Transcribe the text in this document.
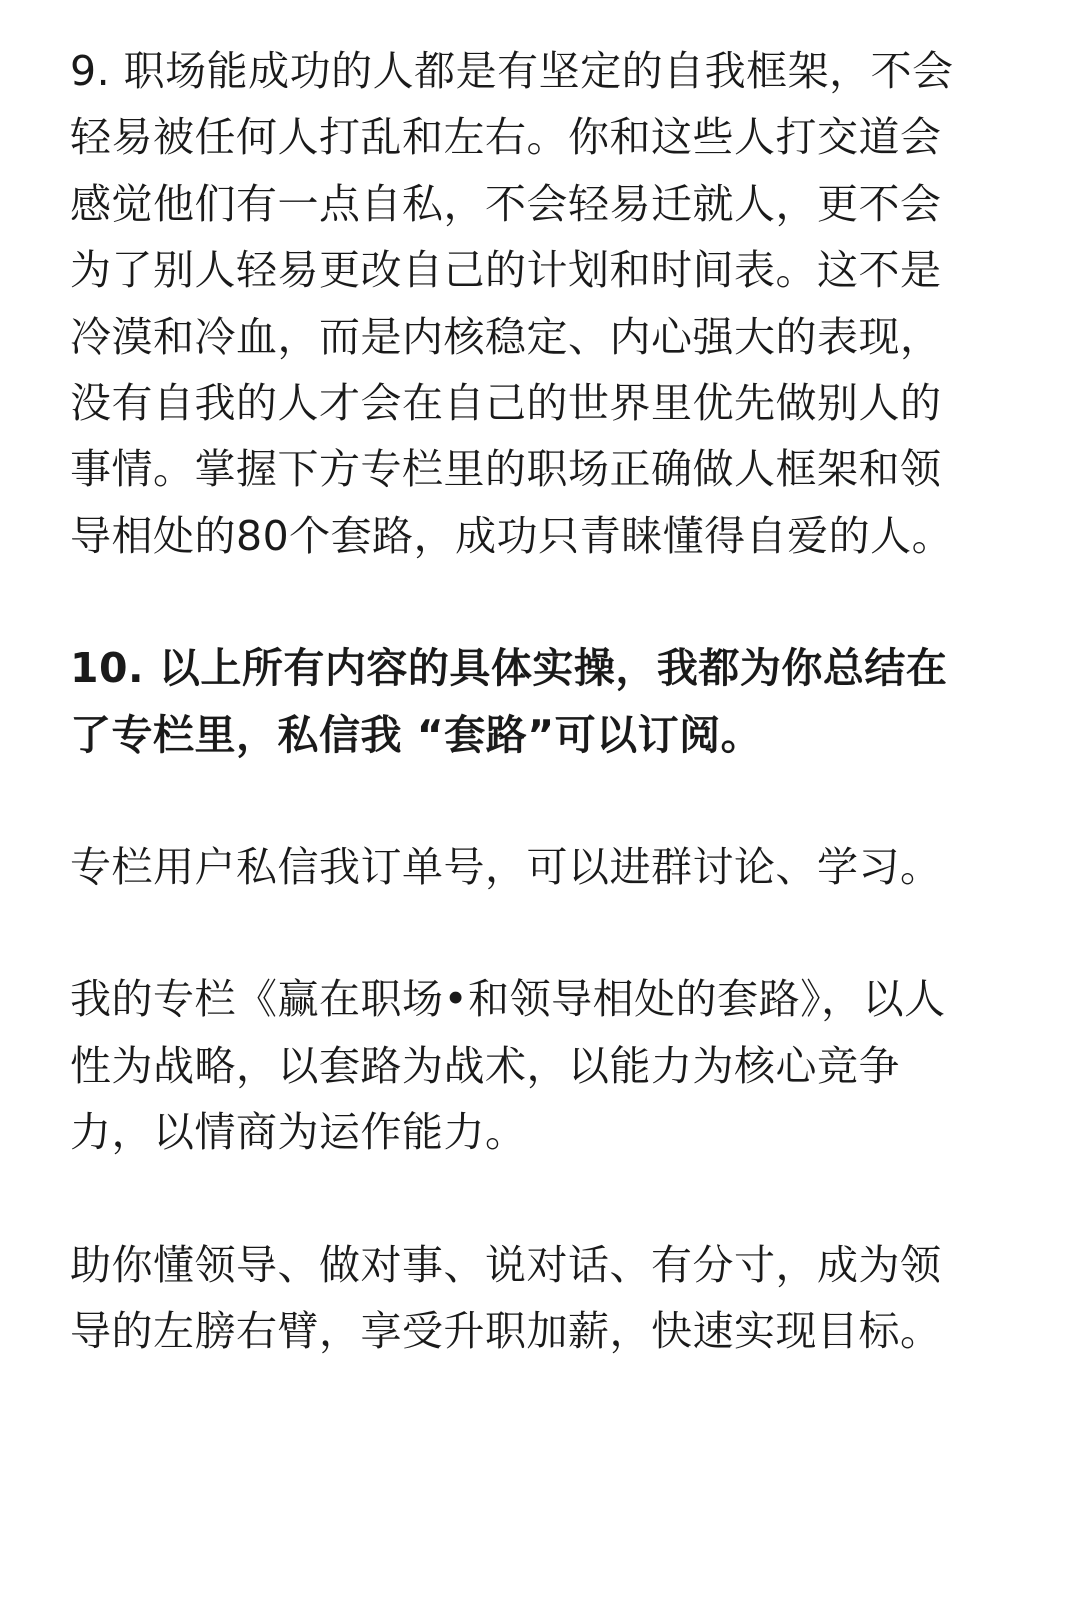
9. 职场能成功的人都是有坚定的自我框架，不会轻易被任何人打乱和左右。你和这些人打交道会感觉他们有一点自私，不会轻易迁就人，更不会为了别人轻易更改自己的计划和时间表。这不是冷漠和冷血，而是内核稳定、内心强大的表现，没有自我的人才会在自己的世界里优先做别人的事情。掌握下方专栏里的职场正确做人框架和领导相处的80个套路，成功只青睐懂得自爱的人。

10. 以上所有内容的具体实操，我都为你总结在了专栏里，私信我 “套路”可以订阅。

专栏用户私信我订单号，可以进群讨论、学习。

我的专栏《赢在职场•和领导相处的套路》，以人性为战略，以套路为战术，以能力为核心竞争力，以情商为运作能力。

助你懂领导、做对事、说对话、有分寸，成为领导的左膀右臂，享受升职加薪，快速实现目标。
